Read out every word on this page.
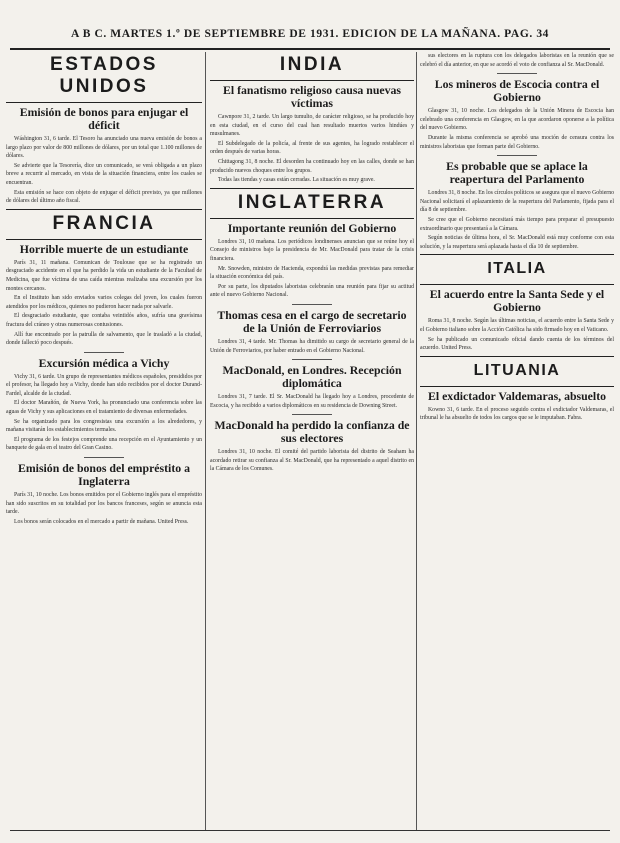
A B C. MARTES 1.º DE SEPTIEMBRE DE 1931. EDICION DE LA MAÑANA. PAG. 34
ESTADOS UNIDOS
Emisión de bonos para enjugar el déficit

Wáshington 31, 6 tarde. El Tesoro ha anunciado una nueva emisión de bonos a largo plazo por valor de 800 millones de dólares, por un total que 1.100 millones de dólares.

Se advierte que la Tesorería, dice un comunicado, se verá obligada a un plazo breve a recurrir al mercado, en vista de la situación financiera, entre los cuales se encuentran.

Esta emisión se hace con objeto de enjugar el déficit previsto, ya que millones de dólares del último año fiscal.

FRANCIA
Horrible muerte de un estudiante

París 31, 11 mañana. Comunican de Toulouse que se ha registrado un desgraciado accidente en el que ha perdido la vida un estudiante de la Facultad de Medicina, que fue víctima de una caída mientras realizaba una excursión por los montes cercanos.

En el Instituto han sido enviados varios colegas del joven, los cuales fueron atendidos por los médicos, quienes no pudieron hacer nada por salvarle.

El desgraciado estudiante, que contaba veintidós años, sufría una gravísima fractura del cráneo y otras numerosas contusiones.

Allí fue encontrado por la patrulla de salvamento, que le trasladó a la ciudad, donde falleció poco después.

Excursión médica a Vichy

Vichy 31, 6 tarde. Un grupo de representantes médicos españoles, presididos por el profesor, ha llegado hoy a Vichy, donde han sido recibidos por el doctor Durand-Fardel, alcalde de la ciudad.

El doctor Marañón, de Nueva York, ha pronunciado una conferencia sobre las aguas de Vichy y sus aplicaciones en el tratamiento de diversas enfermedades.

Se ha organizado para los congresistas una excursión a los alrededores, y mañana visitarán los establecimientos termales.

El programa de los festejos comprende una recepción en el Ayuntamiento y un banquete de gala en el teatro del Gran Casino.

Emisión de bonos del empréstito a Inglaterra

París 31, 10 noche. Los bonos emitidos por el Gobierno inglés para el empréstito han sido suscritos en su totalidad por los bancos franceses, según se anuncia esta tarde.

Los bonos serán colocados en el mercado a partir de mañana. United Press.

INDIA
El fanatismo religioso causa nuevas víctimas

Cawnpore 31, 2 tarde. Un largo tumulto, de carácter religioso, se ha producido hoy en esta ciudad, en el curso del cual han resultado muertos varios hindúes y musulmanes.

El Subdelegado de la policía, al frente de sus agentes, ha logrado restablecer el orden después de varias horas.

Chittagong 31, 8 noche. El desorden ha continuado hoy en las calles, donde se han producido nuevos choques entre los grupos.

Todas las tiendas y casas están cerradas. La situación es muy grave.

INGLATERRA
Importante reunión del Gobierno

Londres 31, 10 mañana. Los periódicos londinenses anuncian que se reúne hoy el Consejo de ministros bajo la presidencia de Mr. MacDonald para tratar de la crisis financiera.

Mr. Snowden, ministro de Hacienda, expondrá las medidas previstas para remediar la situación económica del país.

Por su parte, los diputados laboristas celebrarán una reunión para fijar su actitud ante el nuevo Gobierno Nacional.

Thomas cesa en el cargo de secretario de la Unión de Ferroviarios

Londres 31, 4 tarde. Mr. Thomas ha dimitido su cargo de secretario general de la Unión de Ferroviarios, por haber entrado en el Gobierno Nacional.

MacDonald, en Londres. Recepción diplomática

Londres 31, 7 tarde. El Sr. MacDonald ha llegado hoy a Londres, procedente de Escocia, y ha recibido a varios diplomáticos en su residencia de Downing Street.

MacDonald ha perdido la confianza de sus electores

Londres 31, 10 noche. El comité del partido laborista del distrito de Seaham ha acordado retirar su confianza al Sr. MacDonald, que ha representado a aquel distrito en la Cámara de los Comunes.

sus electores en la ruptura con los delegados laboristas en la reunión que se celebró el día anterior, en que se acordó el voto de confianza al Sr. MacDonald.

Los mineros de Escocia contra el Gobierno

Glasgow 31, 10 noche. Los delegados de la Unión Minera de Escocia han celebrado una conferencia en Glasgow, en la que acordaron oponerse a la política del nuevo Gobierno.

Durante la misma conferencia se aprobó una moción de censura contra los ministros laboristas que forman parte del Gobierno.

Es probable que se aplace la reapertura del Parlamento

Londres 31, 8 noche. En los círculos políticos se asegura que el nuevo Gobierno Nacional solicitará el aplazamiento de la reapertura del Parlamento, fijada para el día 8 de septiembre.

Se cree que el Gobierno necesitará más tiempo para preparar el presupuesto extraordinario que presentará a la Cámara.

Según noticias de última hora, el Sr. MacDonald está muy conforme con esta solución, y la reapertura será aplazada hasta el día 10 de septiembre.

ITALIA
El acuerdo entre la Santa Sede y el Gobierno

Roma 31, 8 noche. Según las últimas noticias, el acuerdo entre la Santa Sede y el Gobierno italiano sobre la Acción Católica ha sido firmado hoy en el Vaticano.

Se ha publicado un comunicado oficial dando cuenta de los términos del acuerdo. United Press.

LITUANIA
El exdictador Valdemaras, absuelto

Kowno 31, 6 tarde. En el proceso seguido contra el exdictador Valdemaras, el tribunal le ha absuelto de todos los cargos que se le imputaban. Fabra.
